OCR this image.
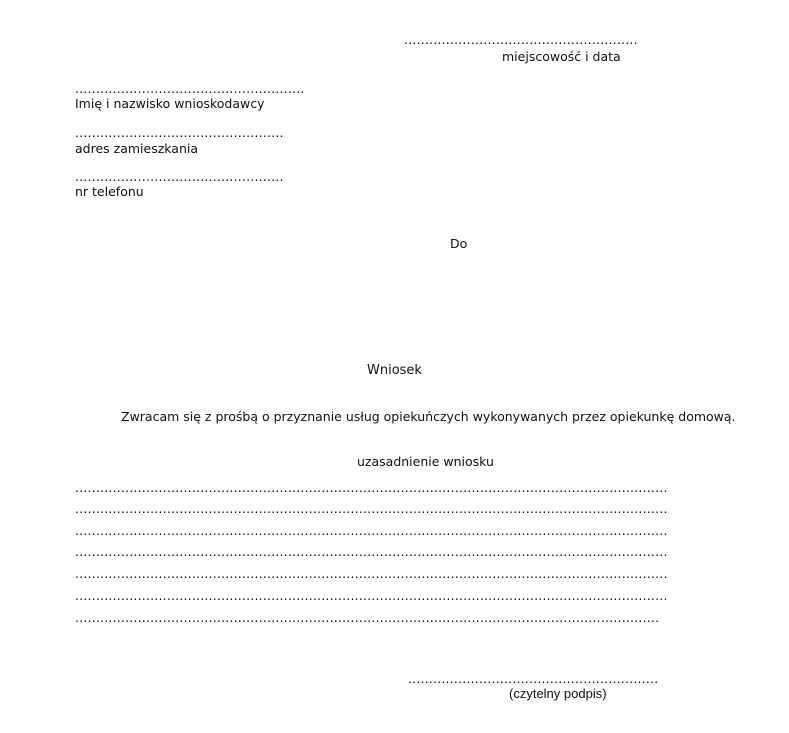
........................................................
miejscowość i data
.......................................................
Imię i nazwisko wnioskodawcy
..................................................
adres zamieszkania
..................................................
nr telefonu
Do
Wniosek
Zwracam się z prośbą o przyznanie usług opiekuńczych wykonywanych przez opiekunkę domową.
uzasadnienie wniosku
..............................................................................................................................................
..............................................................................................................................................
..............................................................................................................................................
..............................................................................................................................................
..............................................................................................................................................
..............................................................................................................................................
............................................................................................................................................
............................................................
(czytelny podpis)
